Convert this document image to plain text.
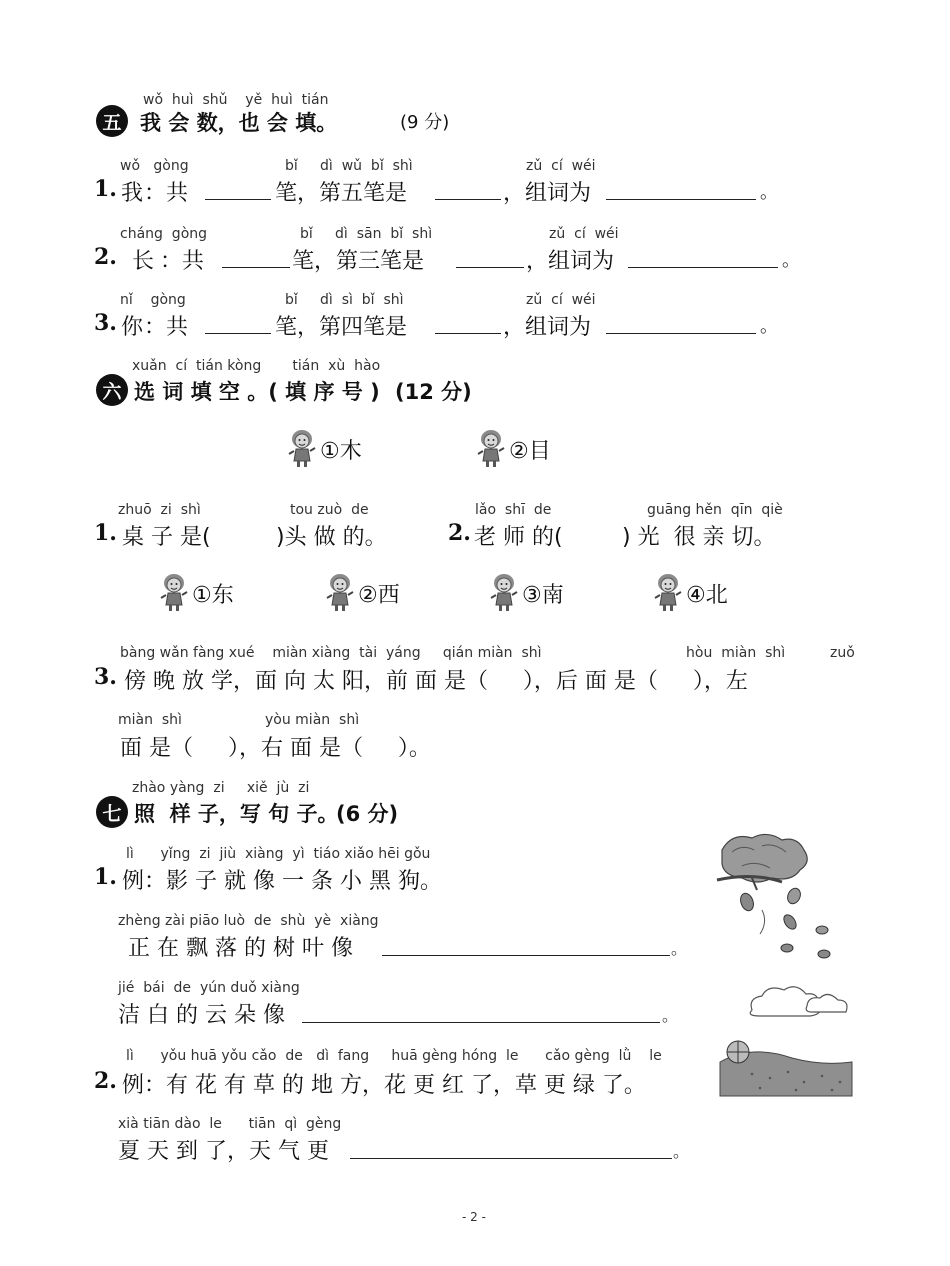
wǒ  huì  shǔ    yě  huì  tián
五 我 会 数，也 会 填。	(9 分)
wǒ   gòng	bǐ     dì  wǔ  bǐ  shì	zǔ  cí  wéi
1. 我 ：共	笔，第五笔是	，组词为	。
cháng  gòng	bǐ     dì  sān  bǐ  shì	zǔ  cí  wéi
2. 长 ：共	笔，第三笔是	，组词为	。
nǐ    gòng	bǐ     dì  sì  bǐ  shì	zǔ  cí  wéi
3. 你 ：共	笔，第四笔是	，组词为	。
xuǎn  cí  tián kòng       tián  xù  hào
六 选 词 填 空 。( 填 序 号 ) (12 分)
①木	②目
zhuō  zi  shì	tou zuò  de
1. 桌 子 是(	)头 做 的。
lǎo  shī  de	guāng hěn  qīn  qiè
2. 老 师 的(	) 光  很 亲 切。
①东	②西	③南	④北
bàng wǎn fàng xué    miàn xiàng  tài  yáng     qián miàn  shì	hòu  miàn  shì	zuǒ
3. 傍 晚 放 学，面 向 太 阳，前 面 是（     ），后 面 是（     ），左
miàn  shì	yòu miàn  shì
面 是（     ），右 面 是（     ）。
zhào yàng  zi     xiě  jù  zi
七 照  样 子，写 句 子。
(6 分)
lì      yǐng  zi  jiù  xiàng  yì  tiáo xiǎo hēi gǒu
1. 例：影 子 就 像 一 条 小 黑 狗。
zhèng zài piāo luò  de  shù  yè  xiàng
正 在 飘 落 的 树 叶 像	。
jié  bái  de  yún duǒ xiàng
洁 白 的 云 朵 像	。
lì      yǒu huā yǒu cǎo  de   dì  fang     huā gèng hóng  le      cǎo gèng  lǜ    le
2. 例：有 花 有 草 的 地 方，花 更 红 了，草 更 绿 了。
xià tiān dào  le      tiān  qì  gèng
夏 天 到 了，天 气 更	。
- 2 -
